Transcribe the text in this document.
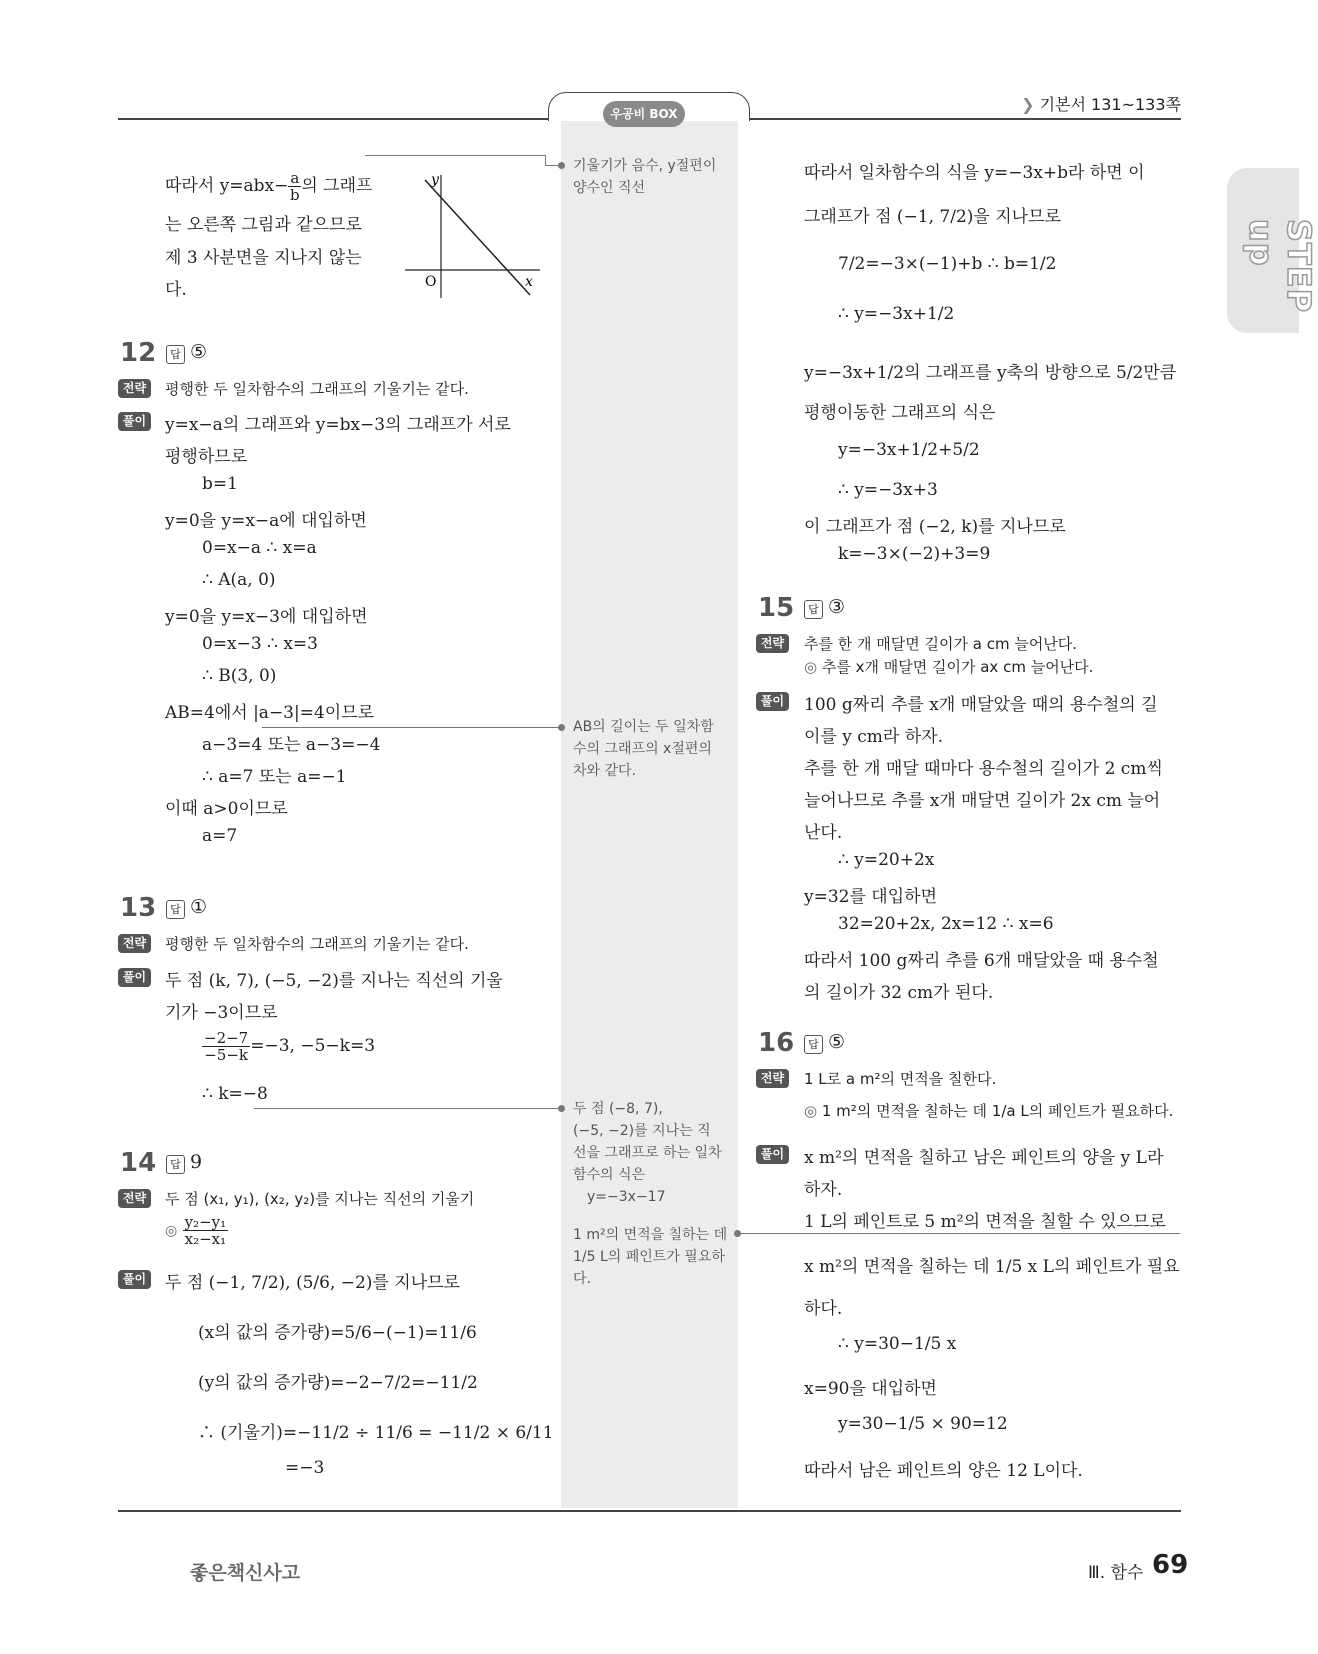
우공비 BOX	❯ 기본서 131~133쪽
STEP up
따라서 $y=abx- \frac{a}{b}$ 의 그래프
는 오른쪽 그림과 같으므로
제 3 사분면을 지나지 않는
다.
y
x
O
12	답 ⑤
전략	평행한 두 일차함수의 그래프의 기울기는 같다.
풀이 y=x−a의 그래프와 y=bx−3의 그래프가 서로
평행하므로
b=1
y=0을 y=x−a에 대입하면
0=x−a ∴ x=a
∴ A(a, 0)
y=0을 y=x−3에 대입하면
0=x−3 ∴ x=3
∴ B(3, 0)
AB=4에서 |a−3|=4이므로
a−3=4 또는 a−3=−4
∴ a=7 또는 a=−1
이때 a>0이므로
a=7
13	답 ①
전략	평행한 두 일차함수의 그래프의 기울기는 같다.
풀이 두 점 (k, 7), (−5, −2)를 지나는 직선의 기울
기가 −3이므로
$\frac{-2-7}{-5-k} =-3$, −5−k=3
∴ k=−8
14	답 9
전략	두 점 (x₁, y₁), (x₂, y₂)를 지나는 직선의 기울기
◎ $\frac{\text{y₂−y₁}}{\text{x₂−x₁}}$
풀이 두 점 (−1, 7/2), (5/6, −2)를 지나므로
(x의 값의 증가량)=5/6−(−1)=11/6
(y의 값의 증가량)=−2−7/2=−11/2
∴ (기울기)=−11/2 ÷ 11/6 = −11/2 × 6/11
=−3
기울기가 음수, y절편이
양수인 직선
AB의 길이는 두 일차함
수의 그래프의 x절편의
차와 같다.
두 점 (−8, 7),
(−5, −2)를 지나는 직
선을 그래프로 하는 일차
함수의 식은
y=−3x−17
1 m²의 면적을 칠하는 데
1/5 L의 페인트가 필요하
다.
따라서 일차함수의 식을 y=−3x+b라 하면 이
그래프가 점 (−1, 7/2)을 지나므로
7/2=−3×(−1)+b ∴ b=1/2
∴ y=−3x+1/2
y=−3x+1/2의 그래프를 y축의 방향으로 5/2만큼
평행이동한 그래프의 식은
y=−3x+1/2+5/2
∴ y=−3x+3
이 그래프가 점 (−2, k)를 지나므로
k=−3×(−2)+3=9
15	답 ③
전략	추를 한 개 매달면 길이가 a cm 늘어난다.
◎ 추를 x개 매달면 길이가 ax cm 늘어난다.
풀이 100 g짜리 추를 x개 매달았을 때의 용수철의 길
이를 y cm라 하자.
추를 한 개 매달 때마다 용수철의 길이가 2 cm씩
늘어나므로 추를 x개 매달면 길이가 2x cm 늘어
난다.
∴ y=20+2x
y=32를 대입하면
32=20+2x, 2x=12 ∴ x=6
따라서 100 g짜리 추를 6개 매달았을 때 용수철
의 길이가 32 cm가 된다.
16	답 ⑤
전략	1 L로 a m²의 면적을 칠한다.
◎ 1 m²의 면적을 칠하는 데 1/a L의 페인트가 필요하다.
풀이 x m²의 면적을 칠하고 남은 페인트의 양을 y L라
하자.
1 L의 페인트로 5 m²의 면적을 칠할 수 있으므로
x m²의 면적을 칠하는 데 1/5 x L의 페인트가 필요
하다.
∴ y=30−1/5 x
x=90을 대입하면
y=30−1/5 × 90=12
따라서 남은 페인트의 양은 12 L이다.
좋은책신사고	Ⅲ. 함수 69
